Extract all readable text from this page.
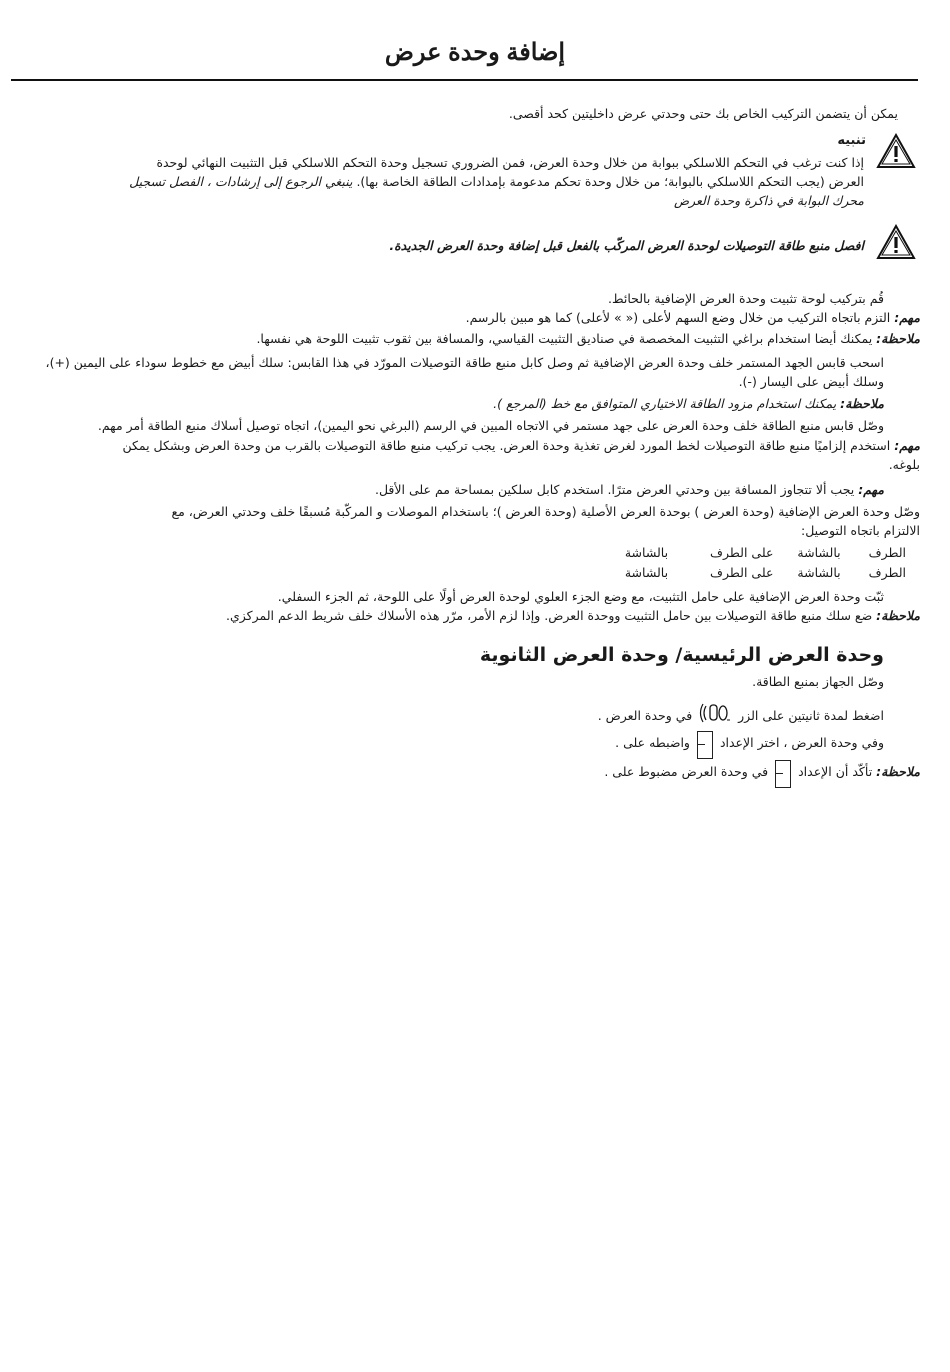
إضافة وحدة عرض
يمكن أن يتضمن التركيب الخاص بك حتى وحدتي عرض داخليتين كحد أقصى.
تنبيه
إذا كنت ترغب في التحكم اللاسلكي ببوابة من خلال وحدة العرض، فمن الضروري تسجيل وحدة التحكم اللاسلكي قبل التثبيت النهائي لوحدة
العرض (يجب التحكم اللاسلكي بالبوابة؛ من خلال وحدة تحكم مدعومة بإمدادات الطاقة الخاصة بها). ينبغي الرجوع إلى إرشادات ، الفصل تسجيل
محرك البوابة في ذاكرة وحدة العرض
افصل منبع طاقة التوصيلات لوحدة العرض المركّب بالفعل قبل إضافة وحدة العرض الجديدة.
قُم بتركيب لوحة تثبيت وحدة العرض الإضافية بالحائط.
مهم: التزم باتجاه التركيب من خلال وضع السهم لأعلى (« » لأعلى) كما هو مبين بالرسم.
ملاحظة: يمكنك أيضا استخدام براغي التثبيت المخصصة في صناديق التثبيت القياسي، والمسافة بين ثقوب تثبيت اللوحة هي نفسها.
اسحب قابس الجهد المستمر خلف وحدة العرض الإضافية ثم وصل كابل منبع طاقة التوصيلات المورّد في هذا القابس: سلك أبيض مع خطوط سوداء على اليمين (+)،
وسلك أبيض على اليسار (-).
ملاحظة: يمكنك استخدام مزود الطاقة الاختياري المتوافق مع خط (المرجع ).
وصّل قابس منبع الطاقة خلف وحدة العرض على جهد مستمر في الاتجاه المبين في الرسم (البرغي نحو اليمين)، اتجاه توصيل أسلاك منبع الطاقة أمر مهم.
مهم: استخدم إلزاميًا منبع طاقة التوصيلات لخط المورد لغرض تغذية وحدة العرض. يجب تركيب منبع طاقة التوصيلات بالقرب من وحدة العرض وبشكل يمكن
بلوغه.
مهم: يجب ألا تتجاوز المسافة بين وحدتي العرض مترًا. استخدم كابل سلكين بمساحة مم على الأقل.
وصّل وحدة العرض الإضافية (وحدة العرض ) بوحدة العرض الأصلية (وحدة العرض )؛ باستخدام الموصلات و المركّبة مُسبقًا خلف وحدتي العرض، مع
الالتزام باتجاه التوصيل:
الطرف  بالشاشة  على الطرف  بالشاشة
الطرف  بالشاشة  على الطرف  بالشاشة
ثبّت وحدة العرض الإضافية على حامل التثبيت، مع وضع الجزء العلوي لوحدة العرض أولًا على اللوحة، ثم الجزء السفلي.
ملاحظة: ضع سلك منبع طاقة التوصيلات بين حامل التثبيت ووحدة العرض. وإذا لزم الأمر، مرّر هذه الأسلاك خلف شريط الدعم المركزي.
وحدة العرض الرئيسية/ وحدة العرض الثانوية
وصّل الجهاز بمنبع الطاقة.
اضغط لمدة ثانيتين على الزر  في وحدة العرض .
وفي وحدة العرض ، اختر الإعداد  واضبطه على .
ملاحظة: تأكّد أن الإعداد  في وحدة العرض مضبوط على .
